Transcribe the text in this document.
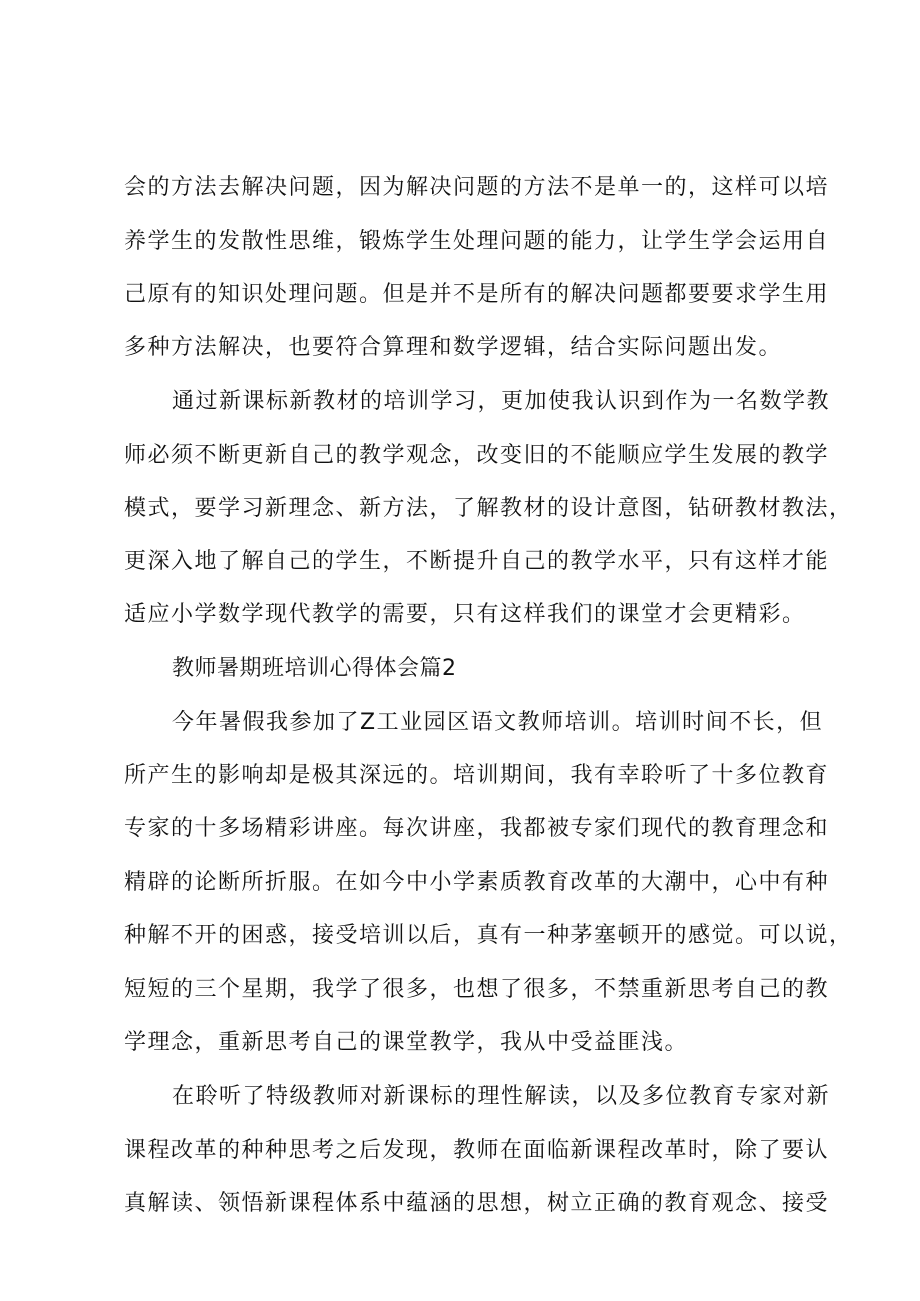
会的方法去解决问题，因为解决问题的方法不是单一的，这样可以培
养学生的发散性思维，锻炼学生处理问题的能力，让学生学会运用自
己原有的知识处理问题。但是并不是所有的解决问题都要要求学生用
多种方法解决，也要符合算理和数学逻辑，结合实际问题出发。
通过新课标新教材的培训学习，更加使我认识到作为一名数学教
师必须不断更新自己的教学观念，改变旧的不能顺应学生发展的教学
模式，要学习新理念、新方法，了解教材的设计意图，钻研教材教法，
更深入地了解自己的学生，不断提升自己的教学水平，只有这样才能
适应小学数学现代教学的需要，只有这样我们的课堂才会更精彩。
教师暑期班培训心得体会篇2
今年暑假我参加了Z工业园区语文教师培训。培训时间不长，但
所产生的影响却是极其深远的。培训期间，我有幸聆听了十多位教育
专家的十多场精彩讲座。每次讲座，我都被专家们现代的教育理念和
精辟的论断所折服。在如今中小学素质教育改革的大潮中，心中有种
种解不开的困惑，接受培训以后，真有一种茅塞顿开的感觉。可以说，
短短的三个星期，我学了很多，也想了很多，不禁重新思考自己的教
学理念，重新思考自己的课堂教学，我从中受益匪浅。
在聆听了特级教师对新课标的理性解读，以及多位教育专家对新
课程改革的种种思考之后发现，教师在面临新课程改革时，除了要认
真解读、领悟新课程体系中蕴涵的思想，树立正确的教育观念、接受
